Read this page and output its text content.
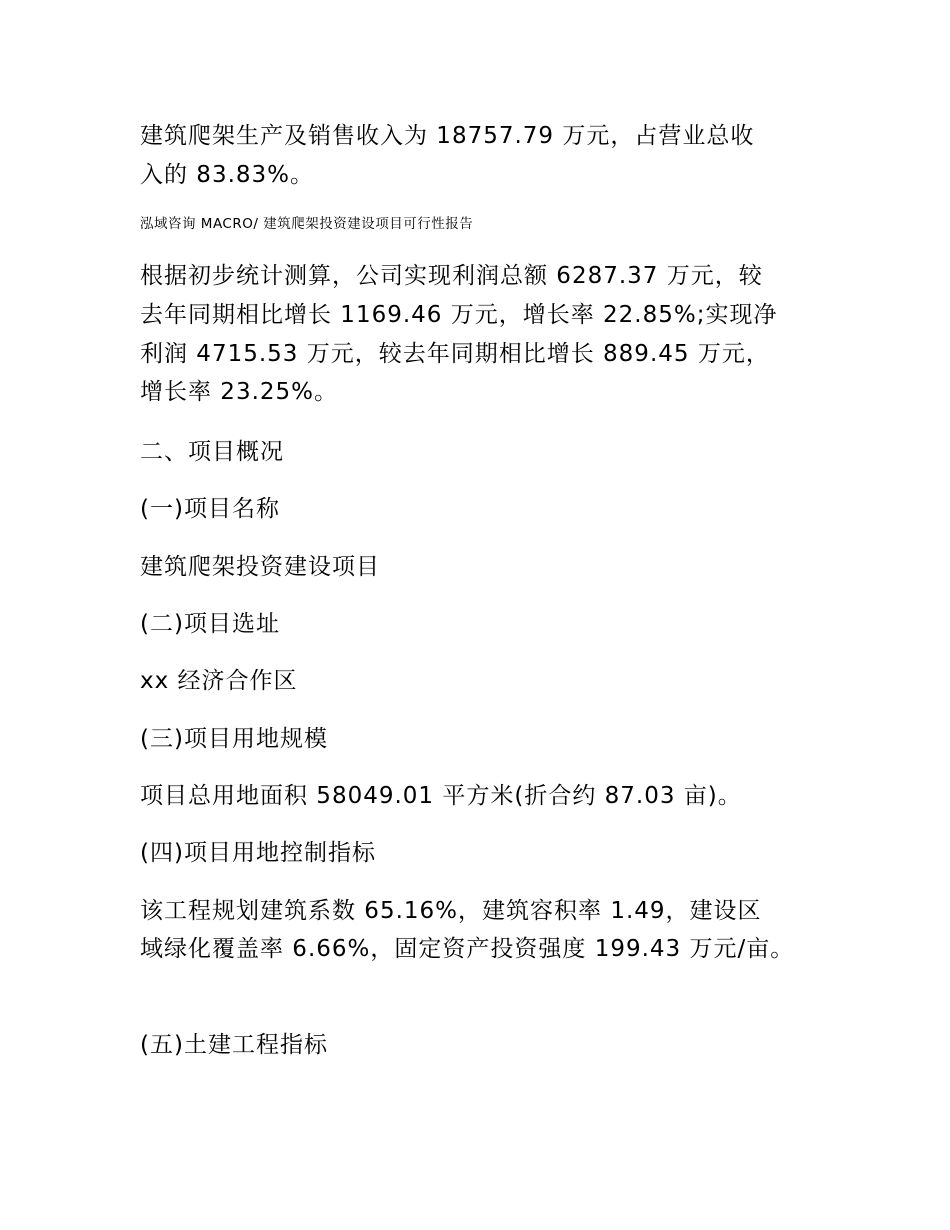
建筑爬架生产及销售收入为 18757.79 万元，占营业总收
入的 83.83%。
泓域咨询 MACRO/ 建筑爬架投资建设项目可行性报告
根据初步统计测算，公司实现利润总额 6287.37 万元，较
去年同期相比增长 1169.46 万元，增长率 22.85%;实现净
利润 4715.53 万元，较去年同期相比增长 889.45 万元，
增长率 23.25%。
二、项目概况
(一)项目名称
建筑爬架投资建设项目
(二)项目选址
xx 经济合作区
(三)项目用地规模
项目总用地面积 58049.01 平方米(折合约 87.03 亩)。
(四)项目用地控制指标
该工程规划建筑系数 65.16%，建筑容积率 1.49，建设区
域绿化覆盖率 6.66%，固定资产投资强度 199.43 万元/亩。
(五)土建工程指标
